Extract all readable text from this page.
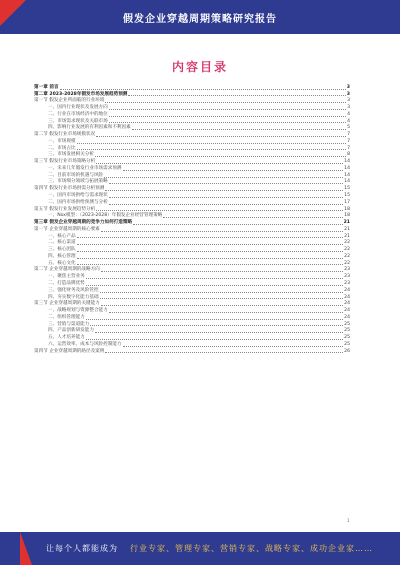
假发企业穿越周期策略研究报告
内容目录
第一章 前言	3
第二章 2023-2028年假发市场发展趋势预测	3
第一节 假发企业所面临的行业环境	3
一、国内行业现状及发展方向	3
二、行业在市场经济中的地位	4
三、市场需求现状及关联市场	4
四、影响行业发展的有利因素和不利因素	5
第二节 假发行业市场规模状况	7
一、市场规模	7
二、市场占比	7
三、市场发展相关分析	8
第三节 假发行业市场策略分析	14
一、未来几年假发行业市场需求预测	14
二、目前市场的机遇与风险	14
三、市场细分领域与拓展策略	14
第四节 假发行业市场供需分析预测	15
一、国内市场供给与需求现状	15
二、国内市场供给预测与分析	17
第五节 假发行业发展趋势分析	18
一、Nox模型：（2023-2028）年假发企业经营管理策略	18
第三章 假发企业穿越周期的竞争力如何打造策略	21
第一节 企业穿越周期的核心要素	21
一、核心产品	21
二、核心渠道	22
三、核心团队	22
四、核心管理	22
五、核心文化	22
第二节 企业穿越周期的战略方向	23
一、聚焦主营业务	23
二、打造品牌优势	23
三、强化财务及风险管控	24
四、夯实数字化能力基础	24
第三节 企业穿越周期的关键能力	24
一、战略规划与资源整合能力	24
二、组织管理能力	24
三、营销与渠道能力	25
四、产品创新研发能力	25
五、人才培养能力	25
六、运营效率、成本与风险控制能力	25
第四节 企业穿越周期的路径及案例	26
1
让每个人都能成为 行业专家、管理专家、营销专家、战略专家、成功企业家……
